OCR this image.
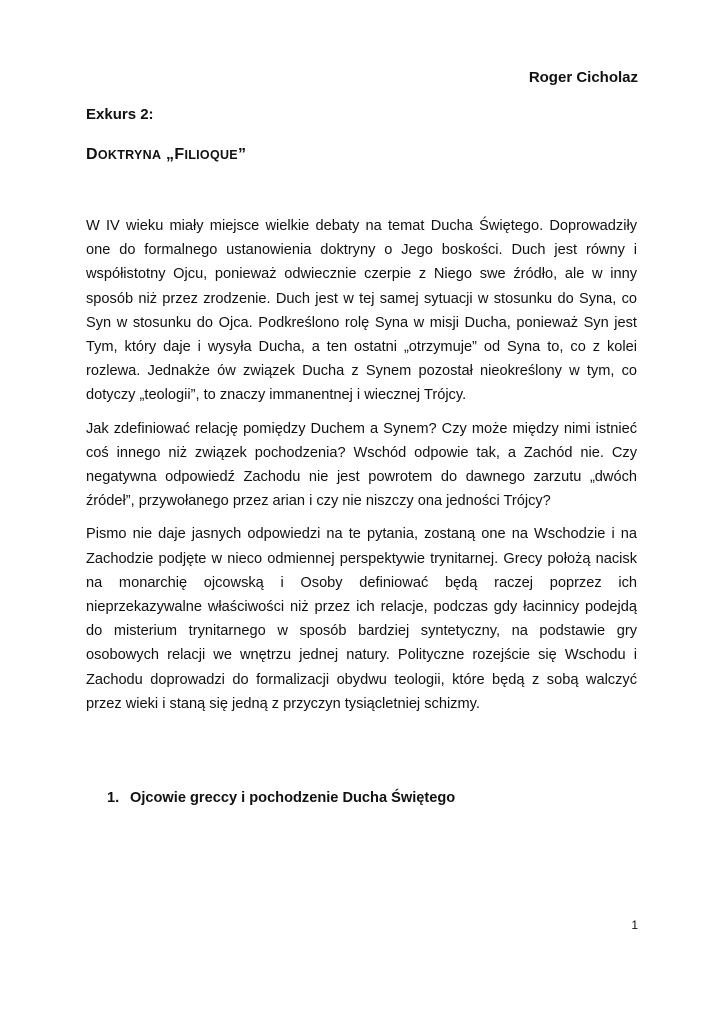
Roger Cicholaz
Exkurs 2:
DOKTRYNA „FILIOQUE”

W IV wieku miały miejsce wielkie debaty na temat Ducha Świętego. Doprowadziły one do formalnego ustanowienia doktryny o Jego boskości. Duch jest równy i współistotny Ojcu, ponieważ odwiecznie czerpie z Niego swe źródło, ale w inny sposób niż przez zrodzenie. Duch jest w tej samej sytuacji w stosunku do Syna, co Syn w stosunku do Ojca. Podkreślono rolę Syna w misji Ducha, ponieważ Syn jest Tym, który daje i wysyła Ducha, a ten ostatni „otrzymuje” od Syna to, co z kolei rozlewa. Jednakże ów związek Ducha z Synem pozostał nieokreślony w tym, co dotyczy „teologii”, to znaczy immanentnej i wiecznej Trójcy.

Jak zdefiniować relację pomiędzy Duchem a Synem? Czy może między nimi istnieć coś innego niż związek pochodzenia? Wschód odpowie tak, a Zachód nie. Czy negatywna odpowiedź Zachodu nie jest powrotem do dawnego zarzutu „dwóch źródeł”, przywołanego przez arian i czy nie niszczy ona jedności Trójcy?

Pismo nie daje jasnych odpowiedzi na te pytania, zostaną one na Wschodzie i na Zachodzie podjęte w nieco odmiennej perspektywie trynitarnej. Grecy położą nacisk na monarchię ojcowską i Osoby definiować będą raczej poprzez ich nieprzekazywalne właściwości niż przez ich relacje, podczas gdy łacinnicy podejdą do misterium trynitarnego w sposób bardziej syntetyczny, na podstawie gry osobowych relacji we wnętrzu jednej natury. Polityczne rozejście się Wschodu i Zachodu doprowadzi do formalizacji obydwu teologii, które będą z sobą walczyć przez wieki i staną się jedną z przyczyn tysiącletniej schizmy.

1. Ojcowie greccy i pochodzenie Ducha Świętego
1
